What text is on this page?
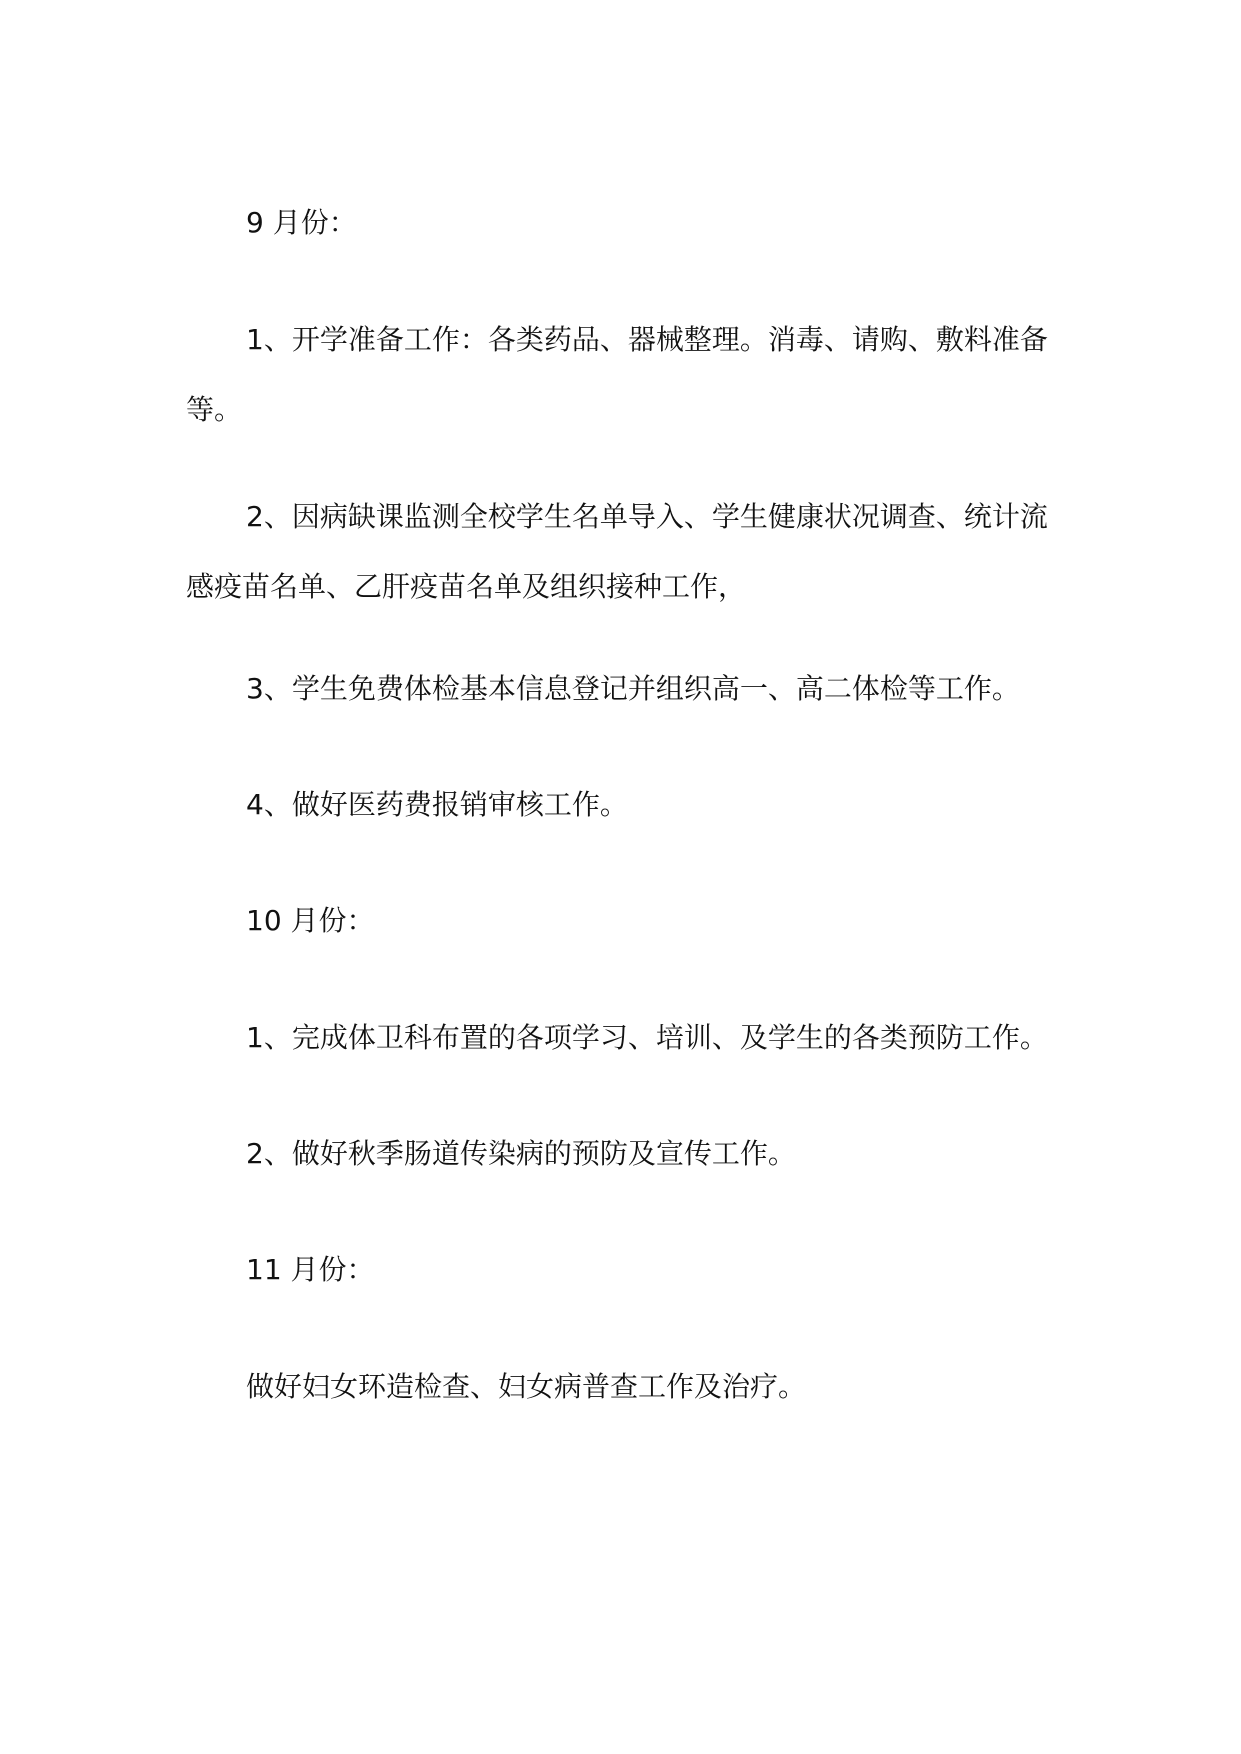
9 月份：
1、开学准备工作：各类药品、器械整理。消毒、请购、敷料准备等。
2、因病缺课监测全校学生名单导入、学生健康状况调查、统计流感疫苗名单、乙肝疫苗名单及组织接种工作，
3、学生免费体检基本信息登记并组织高一、高二体检等工作。
4、做好医药费报销审核工作。
10 月份：
1、完成体卫科布置的各项学习、培训、及学生的各类预防工作。
2、做好秋季肠道传染病的预防及宣传工作。
11 月份：
做好妇女环造检查、妇女病普查工作及治疗。
